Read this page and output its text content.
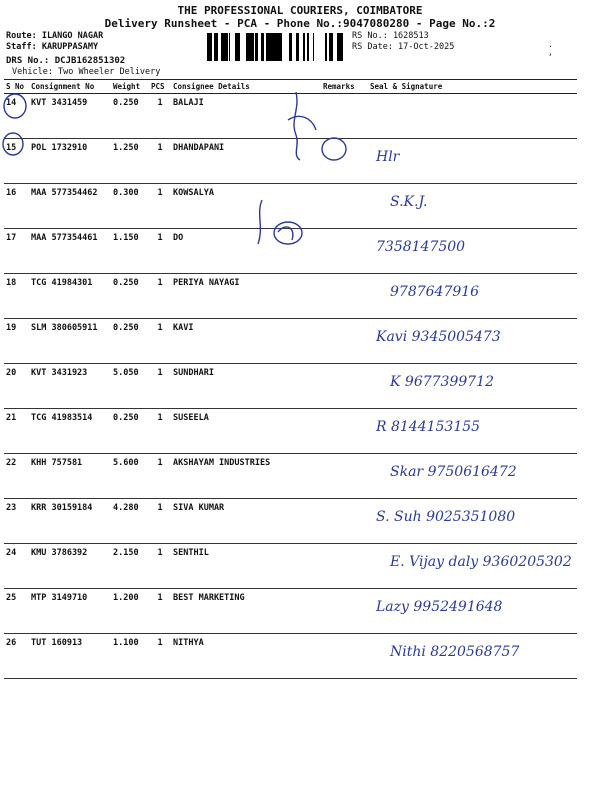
THE PROFESSIONAL COURIERS, COIMBATORE
Delivery Runsheet - PCA - Phone No.:9047080280 - Page No.:2
Route: ILANGO NAGAR
Staff: KARUPPASAMY
DRS No.: DCJB162851302
Vehicle: Two Wheeler Delivery
RS No.: 1628513
RS Date: 17-Oct-2025	.
,
S No	Consignment No	Weight	PCS	Consignee Details	Remarks	Seal & Signature
14	KVT 3431459	0.250	1	BALAJI		

15	POL 1732910	1.250	1	DHANDAPANI		Hlr

16	MAA 577354462	0.300	1	KOWSALYA		S.K.J.

17	MAA 577354461	1.150	1	DO		7358147500

18	TCG 41984301	0.250	1	PERIYA NAYAGI		9787647916

19	SLM 380605911	0.250	1	KAVI		Kavi 9345005473

20	KVT 3431923	5.050	1	SUNDHARI		K 9677399712

21	TCG 41983514	0.250	1	SUSEELA		R 8144153155

22	KHH 757581	5.600	1	AKSHAYAM INDUSTRIES		Skar 9750616472

23	KRR 30159184	4.280	1	SIVA KUMAR		S. Suh 9025351080

24	KMU 3786392	2.150	1	SENTHIL		E. Vijay daly 9360205302

25	MTP 3149710	1.200	1	BEST MARKETING		Lazy 9952491648

26	TUT 160913	1.100	1	NITHYA		Nithi 8220568757
